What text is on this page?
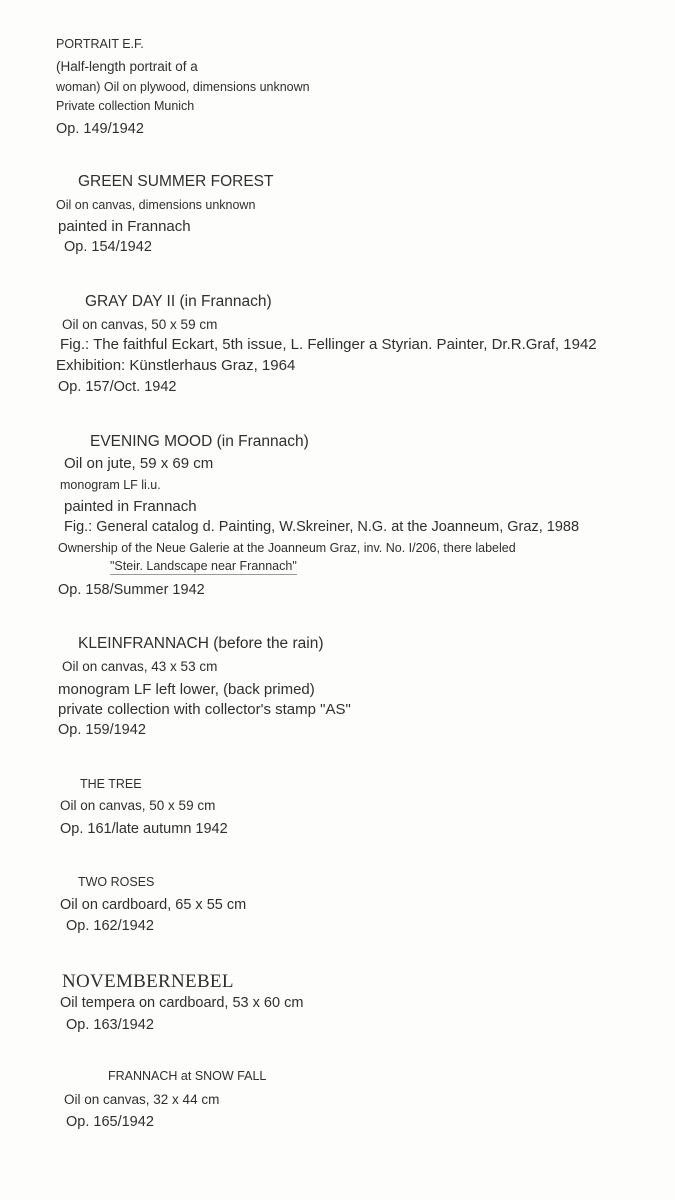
PORTRAIT E.F.
(Half-length portrait of a
woman) Oil on plywood, dimensions unknown
Private collection Munich
Op. 149/1942
GREEN SUMMER FOREST
Oil on canvas, dimensions unknown
painted in Frannach
Op. 154/1942
GRAY DAY II (in Frannach)
Oil on canvas, 50 x 59 cm
Fig.: The faithful Eckart, 5th issue, L. Fellinger a Styrian. Painter, Dr.R.Graf, 1942
Exhibition: Künstlerhaus Graz, 1964
Op. 157/Oct. 1942
EVENING MOOD (in Frannach)
Oil on jute, 59 x 69 cm
monogram LF li.u.
painted in Frannach
Fig.: General catalog d. Painting, W.Skreiner, N.G. at the Joanneum, Graz, 1988
Ownership of the Neue Galerie at the Joanneum Graz, inv. No. I/206, there labeled
"Steir. Landscape near Frannach"
Op. 158/Summer 1942
KLEINFRANNACH (before the rain)
Oil on canvas, 43 x 53 cm
monogram LF left lower, (back primed)
private collection with collector's stamp "AS"
Op. 159/1942
THE TREE
Oil on canvas, 50 x 59 cm
Op. 161/late autumn 1942
TWO ROSES
Oil on cardboard, 65 x 55 cm
Op. 162/1942
NOVEMBERNEBEL
Oil tempera on cardboard, 53 x 60 cm
Op. 163/1942
FRANNACH at SNOW FALL
Oil on canvas, 32 x 44 cm
Op. 165/1942
